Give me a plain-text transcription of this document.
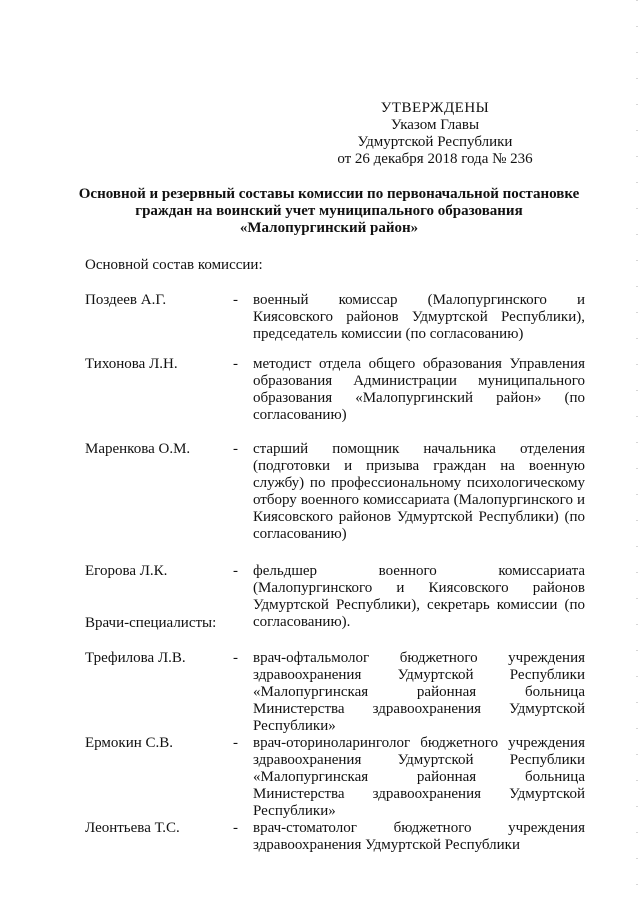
УТВЕРЖДЕНЫ
Указом Главы
Удмуртской Республики
от 26 декабря 2018 года № 236
Основной и резервный составы комиссии по первоначальной постановке
граждан на воинский учет муниципального образования
«Малопургинский район»
Основной состав комиссии:
Поздеев А.Г.	- военный комиссар (Малопургинского и Киясовского районов Удмуртской Республики), председатель комиссии (по согласованию)
Тихонова Л.Н.	- методист отдела общего образования Управления образования Администрации муниципального образования «Малопургинский район» (по согласованию)
Маренкова О.М.	- старший помощник начальника отделения (подготовки и призыва граждан на военную службу) по профессиональному психологическому отбору военного комиссариата (Малопургинского и Киясовского районов Удмуртской Республики) (по согласованию)
Егорова Л.К.	- фельдшер военного комиссариата (Малопургинского и Киясовского районов Удмуртской Республики), секретарь комиссии (по согласованию).
Врачи-специалисты:
Трефилова Л.В.	- врач-офтальмолог бюджетного учреждения здравоохранения Удмуртской Республики «Малопургинская районная больница Министерства здравоохранения Удмуртской Республики»
Ермокин С.В.	- врач-оториноларинголог бюджетного учреждения здравоохранения Удмуртской Республики «Малопургинская районная больница Министерства здравоохранения Удмуртской Республики»
Леонтьева Т.С.	- врач-стоматолог бюджетного учреждения здравоохранения Удмуртской Республики
